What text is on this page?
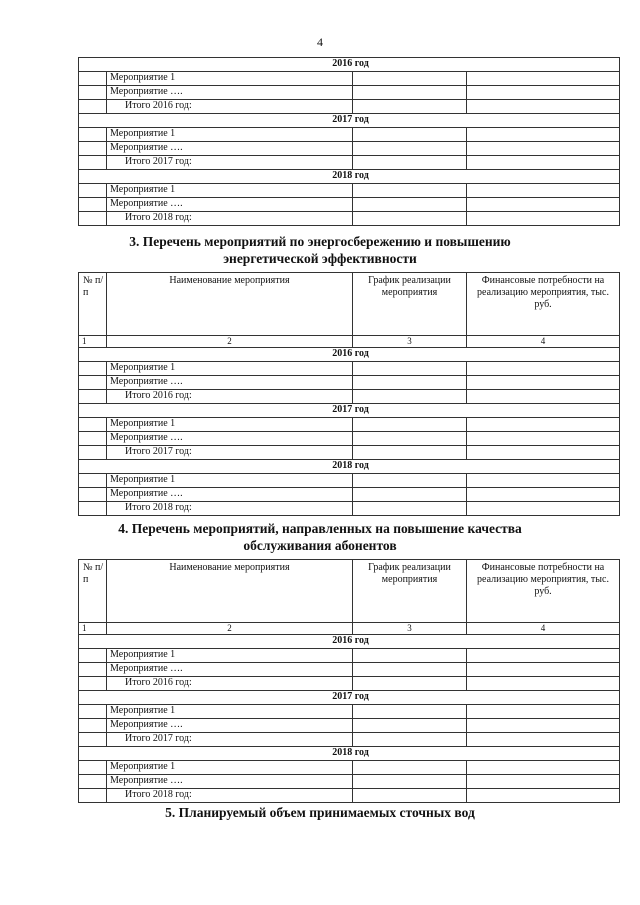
4
2016 год			
	Мероприятие 1		
	Мероприятие ….		
	Итого 2016 год:		
2017 год			
	Мероприятие 1		
	Мероприятие ….		
	Итого 2017 год:		
2018 год			
	Мероприятие 1		
	Мероприятие ….		
	Итого 2018 год:		
3. Перечень мероприятий по энергосбережению и повышению
энергетической эффективности
№ п/п	Наименование мероприятия	График реализации мероприятия	Финансовые потребности на реализацию мероприятия, тыс. руб.
1	2	3	4
2016 год			
	Мероприятие 1		
	Мероприятие ….		
	Итого 2016 год:		
2017 год			
	Мероприятие 1		
	Мероприятие ….		
	Итого 2017 год:		
2018 год			
	Мероприятие 1		
	Мероприятие ….		
	Итого 2018 год:		
4. Перечень мероприятий, направленных на повышение качества
обслуживания абонентов
№ п/п	Наименование мероприятия	График реализации мероприятия	Финансовые потребности на реализацию мероприятия, тыс. руб.
1	2	3	4
2016 год			
	Мероприятие 1		
	Мероприятие ….		
	Итого 2016 год:		
2017 год			
	Мероприятие 1		
	Мероприятие ….		
	Итого 2017 год:		
2018 год			
	Мероприятие 1		
	Мероприятие ….		
	Итого 2018 год:		
5. Планируемый объем принимаемых сточных вод
